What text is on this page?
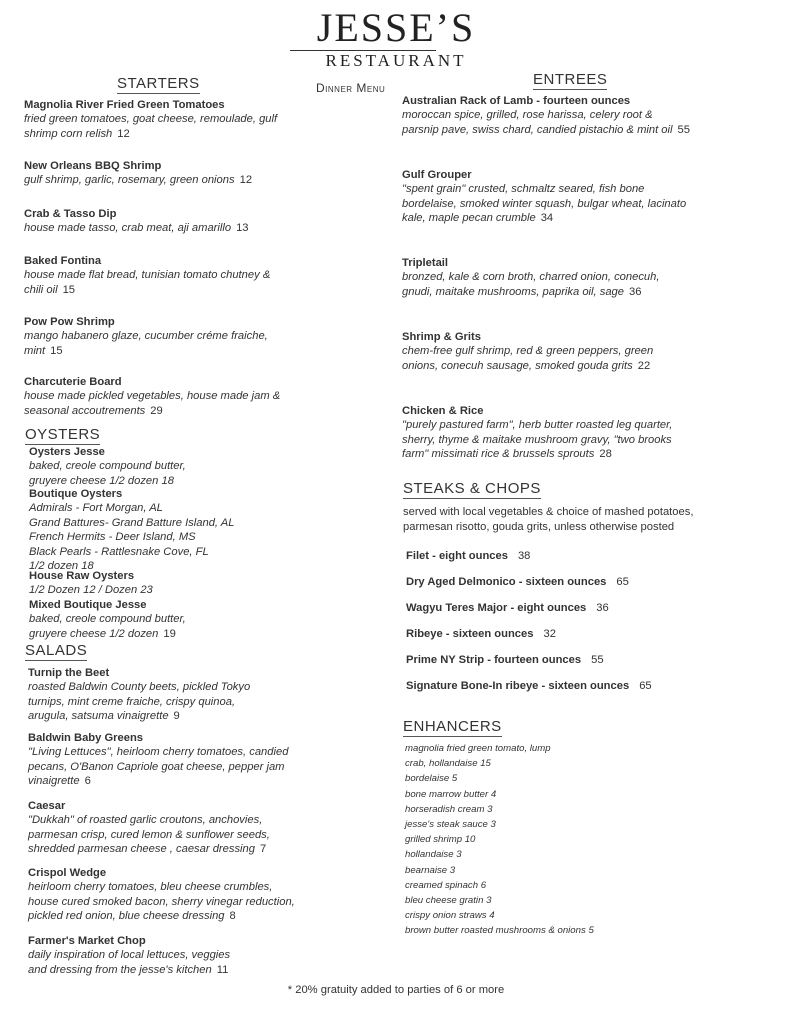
JESSE’S
RESTAURANT
Dinner Menu
STARTERS
Magnolia River Fried Green Tomatoes
fried green tomatoes, goat cheese, remoulade, gulf
shrimp corn relish 12
New Orleans BBQ Shrimp
gulf shrimp, garlic, rosemary, green onions 12
Crab & Tasso Dip
house made tasso, crab meat, aji amarillo 13
Baked Fontina
house made flat bread, tunisian tomato chutney &
chili oil 15
Pow Pow Shrimp
mango habanero glaze, cucumber créme fraiche,
mint 15
Charcuterie Board
house made pickled vegetables, house made jam &
seasonal accoutrements 29
OYSTERS
Oysters Jesse
baked, creole compound butter,
gruyere cheese 1/2 dozen 18
Boutique Oysters
Admirals - Fort Morgan, AL
Grand Battures- Grand Batture Island, AL
French Hermits - Deer Island, MS
Black Pearls - Rattlesnake Cove, FL
1/2 dozen 18
House Raw Oysters
1/2 Dozen 12 / Dozen 23
Mixed Boutique Jesse
baked, creole compound butter,
gruyere cheese 1/2 dozen 19
SALADS
Turnip the Beet
roasted Baldwin County beets, pickled Tokyo
turnips, mint creme fraiche, crispy quinoa,
arugula, satsuma vinaigrette 9
Baldwin Baby Greens
"Living Lettuces", heirloom cherry tomatoes, candied
pecans, O'Banon Capriole goat cheese, pepper jam
vinaigrette 6
Caesar
"Dukkah" of roasted garlic croutons, anchovies,
parmesan crisp, cured lemon & sunflower seeds,
shredded parmesan cheese , caesar dressing 7
Crispol Wedge
heirloom cherry tomatoes, bleu cheese crumbles,
house cured smoked bacon, sherry vinegar reduction,
pickled red onion, blue cheese dressing 8
Farmer's Market Chop
daily inspiration of local lettuces, veggies
and dressing from the jesse's kitchen 11
ENTREES
Australian Rack of Lamb - fourteen ounces
moroccan spice, grilled, rose harissa, celery root &
parsnip pave, swiss chard, candied pistachio & mint oil 55
Gulf Grouper
"spent grain" crusted, schmaltz seared, fish bone
bordelaise, smoked winter squash, bulgar wheat, lacinato
kale, maple pecan crumble 34
Tripletail
bronzed, kale & corn broth, charred onion, conecuh,
gnudi, maitake mushrooms, paprika oil, sage 36
Shrimp & Grits
chem-free gulf shrimp, red & green peppers, green
onions, conecuh sausage, smoked gouda grits 22
Chicken & Rice
"purely pastured farm", herb butter roasted leg quarter,
sherry, thyme & maitake mushroom gravy, "two brooks
farm" missimati rice & brussels sprouts 28
STEAKS & CHOPS
served with local vegetables & choice of mashed potatoes,
parmesan risotto, gouda grits, unless otherwise posted
Filet - eight ounces 38
Dry Aged Delmonico - sixteen ounces 65
Wagyu Teres Major - eight ounces 36
Ribeye - sixteen ounces 32
Prime NY Strip - fourteen ounces 55
Signature Bone-In ribeye - sixteen ounces 65
ENHANCERS
magnolia fried green tomato, lump
crab, hollandaise 15
bordelaise 5
bone marrow butter 4
horseradish cream 3
jesse's steak sauce 3
grilled shrimp 10
hollandaise 3
bearnaise 3
creamed spinach 6
bleu cheese gratin 3
crispy onion straws 4
brown butter roasted mushrooms & onions 5
* 20% gratuity added to parties of 6 or more
